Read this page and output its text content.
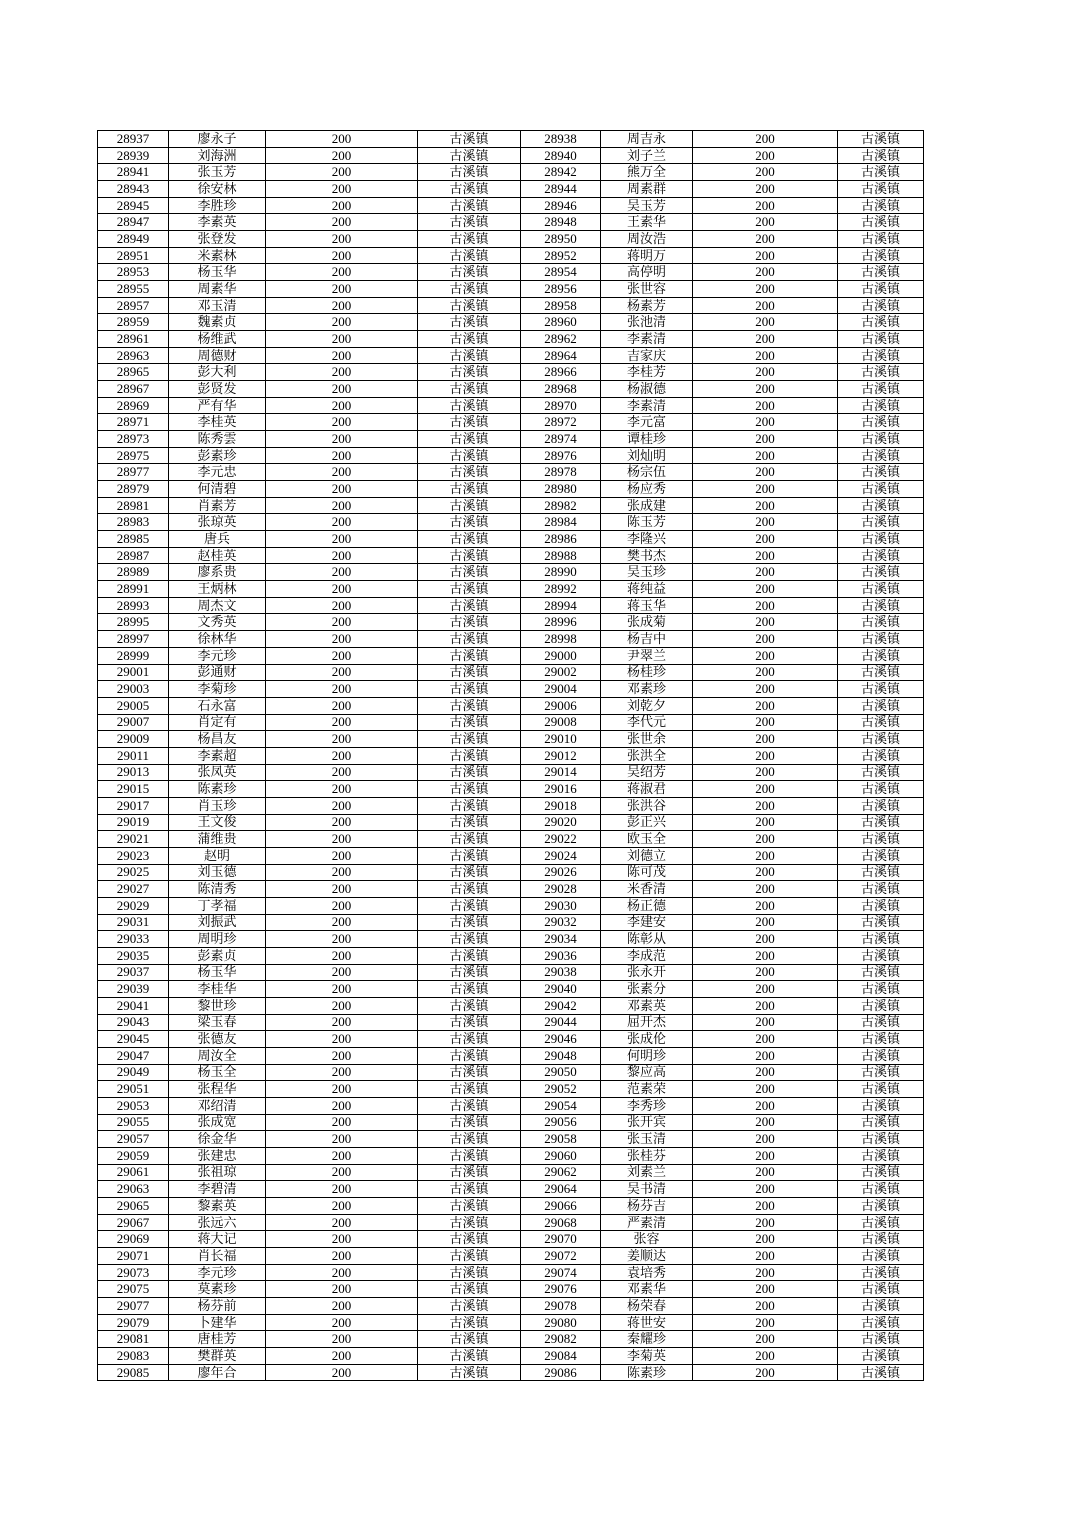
28937	廖永子	200	古溪镇	28938	周吉永	200	古溪镇
28939	刘海洲	200	古溪镇	28940	刘子兰	200	古溪镇
28941	张玉芳	200	古溪镇	28942	熊万全	200	古溪镇
28943	徐安林	200	古溪镇	28944	周素群	200	古溪镇
28945	李胜珍	200	古溪镇	28946	吴玉芳	200	古溪镇
28947	李素英	200	古溪镇	28948	王素华	200	古溪镇
28949	张登发	200	古溪镇	28950	周汝浩	200	古溪镇
28951	米素林	200	古溪镇	28952	蒋明万	200	古溪镇
28953	杨玉华	200	古溪镇	28954	高停明	200	古溪镇
28955	周素华	200	古溪镇	28956	张世容	200	古溪镇
28957	邓玉清	200	古溪镇	28958	杨素芳	200	古溪镇
28959	魏素贞	200	古溪镇	28960	张池清	200	古溪镇
28961	杨维武	200	古溪镇	28962	李素清	200	古溪镇
28963	周德财	200	古溪镇	28964	吉家庆	200	古溪镇
28965	彭大利	200	古溪镇	28966	李桂芳	200	古溪镇
28967	彭贤发	200	古溪镇	28968	杨淑德	200	古溪镇
28969	严有华	200	古溪镇	28970	李素清	200	古溪镇
28971	李桂英	200	古溪镇	28972	李元富	200	古溪镇
28973	陈秀雲	200	古溪镇	28974	谭桂珍	200	古溪镇
28975	彭素珍	200	古溪镇	28976	刘灿明	200	古溪镇
28977	李元忠	200	古溪镇	28978	杨宗伍	200	古溪镇
28979	何清碧	200	古溪镇	28980	杨应秀	200	古溪镇
28981	肖素芳	200	古溪镇	28982	张成建	200	古溪镇
28983	张琼英	200	古溪镇	28984	陈玉芳	200	古溪镇
28985	唐兵	200	古溪镇	28986	李隆兴	200	古溪镇
28987	赵桂英	200	古溪镇	28988	樊书杰	200	古溪镇
28989	廖系贵	200	古溪镇	28990	吴玉珍	200	古溪镇
28991	王炳林	200	古溪镇	28992	蒋纯益	200	古溪镇
28993	周杰文	200	古溪镇	28994	蒋玉华	200	古溪镇
28995	文秀英	200	古溪镇	28996	张成菊	200	古溪镇
28997	徐林华	200	古溪镇	28998	杨吉中	200	古溪镇
28999	李元珍	200	古溪镇	29000	尹翠兰	200	古溪镇
29001	彭通财	200	古溪镇	29002	杨桂珍	200	古溪镇
29003	李菊珍	200	古溪镇	29004	邓素珍	200	古溪镇
29005	石永富	200	古溪镇	29006	刘乾夕	200	古溪镇
29007	肖定有	200	古溪镇	29008	李代元	200	古溪镇
29009	杨昌友	200	古溪镇	29010	张世余	200	古溪镇
29011	李素超	200	古溪镇	29012	张洪全	200	古溪镇
29013	张凤英	200	古溪镇	29014	吴绍芳	200	古溪镇
29015	陈素珍	200	古溪镇	29016	蒋淑君	200	古溪镇
29017	肖玉珍	200	古溪镇	29018	张洪谷	200	古溪镇
29019	王文俊	200	古溪镇	29020	彭正兴	200	古溪镇
29021	蒲维贵	200	古溪镇	29022	欧玉全	200	古溪镇
29023	赵明	200	古溪镇	29024	刘德立	200	古溪镇
29025	刘玉德	200	古溪镇	29026	陈可茂	200	古溪镇
29027	陈清秀	200	古溪镇	29028	米香清	200	古溪镇
29029	丁孝福	200	古溪镇	29030	杨正德	200	古溪镇
29031	刘振武	200	古溪镇	29032	李建安	200	古溪镇
29033	周明珍	200	古溪镇	29034	陈彰从	200	古溪镇
29035	彭素贞	200	古溪镇	29036	李成范	200	古溪镇
29037	杨玉华	200	古溪镇	29038	张永开	200	古溪镇
29039	李桂华	200	古溪镇	29040	张素分	200	古溪镇
29041	黎世珍	200	古溪镇	29042	邓素英	200	古溪镇
29043	梁玉春	200	古溪镇	29044	屈开杰	200	古溪镇
29045	张德友	200	古溪镇	29046	张成伦	200	古溪镇
29047	周汝全	200	古溪镇	29048	何明珍	200	古溪镇
29049	杨玉全	200	古溪镇	29050	黎应高	200	古溪镇
29051	张程华	200	古溪镇	29052	范素荣	200	古溪镇
29053	邓绍清	200	古溪镇	29054	李秀珍	200	古溪镇
29055	张成宽	200	古溪镇	29056	张开宾	200	古溪镇
29057	徐金华	200	古溪镇	29058	张玉清	200	古溪镇
29059	张建忠	200	古溪镇	29060	张桂芬	200	古溪镇
29061	张祖琼	200	古溪镇	29062	刘素兰	200	古溪镇
29063	李碧清	200	古溪镇	29064	吴书清	200	古溪镇
29065	黎素英	200	古溪镇	29066	杨芬吉	200	古溪镇
29067	张远六	200	古溪镇	29068	严素清	200	古溪镇
29069	蒋大记	200	古溪镇	29070	张容	200	古溪镇
29071	肖长福	200	古溪镇	29072	姜顺达	200	古溪镇
29073	李元珍	200	古溪镇	29074	袁培秀	200	古溪镇
29075	莫素珍	200	古溪镇	29076	邓素华	200	古溪镇
29077	杨芬前	200	古溪镇	29078	杨荣春	200	古溪镇
29079	卜建华	200	古溪镇	29080	蒋世安	200	古溪镇
29081	唐桂芳	200	古溪镇	29082	秦耀珍	200	古溪镇
29083	樊群英	200	古溪镇	29084	李菊英	200	古溪镇
29085	廖年合	200	古溪镇	29086	陈素珍	200	古溪镇
